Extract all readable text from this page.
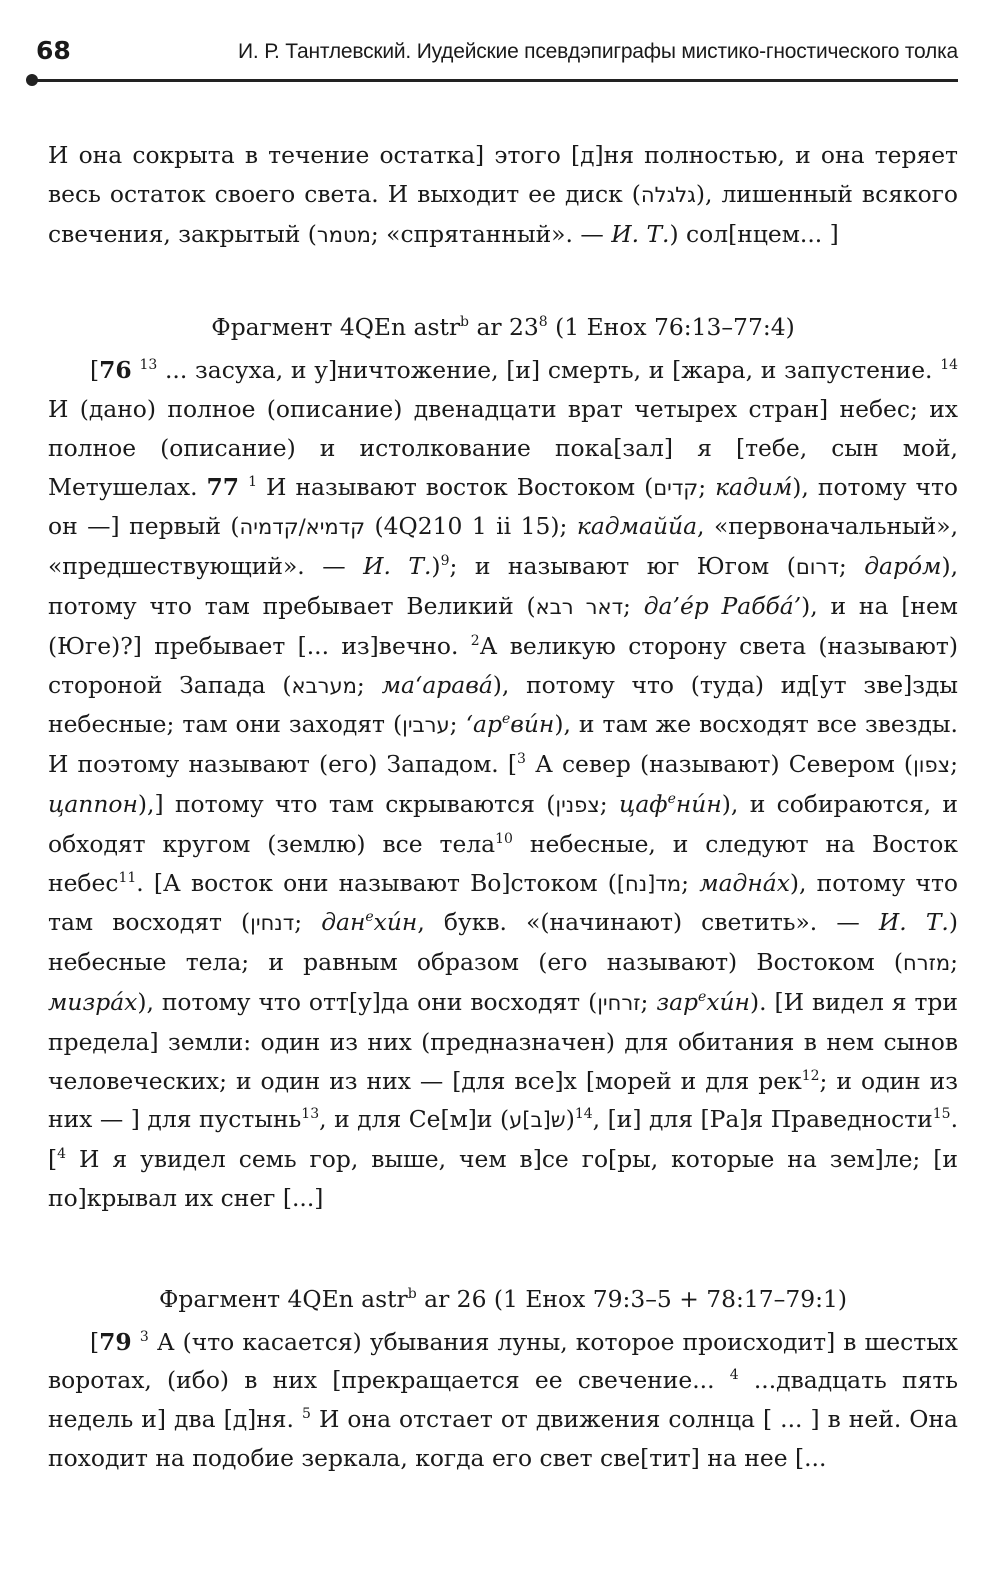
68	И. Р. Тантлевский. Иудейские псевдэпиграфы мистико-гностического толка

И она сокрыта в течение остатка] этого [д]ня полностью, и она теряет весь остаток своего света. И выходит ее диск (גלגלה), лишенный всякого свечения, закрытый (מטמר; «спрятанный». — И. Т.) сол[нцем... ]

Фрагмент 4QEn astr$^b$ ar $23^8$ (1 Енох 76:13–77:4)

[76 $^{13}$ ... засуха, и у]ничтожение, [и] смерть, и [жара, и запустение. $^{14}$ И (дано) полное (описание) двенадцати врат четырех стран] небес; их полное (описание) и истолкование пока[зал] я [тебе, сын мой, Метушелах. 77 $^1$ И называют восток Востоком (קדים; кадим́), потому что он —] первый (קדמיא/קדמיה (4Q210 1 ii 15); кадмайй́а, «первоначальный», «предшествующий». — И. Т.)$^9$; и называют юг Югом (דרום; даро́м), потому что там пребывает Великий (דאר רבא; да’е́р Рабба́’), и на [нем (Юге)?] пребывает [... из]вечно. $^2$А великую сторону света (называют) стороной Запада (מערבא; ма‘арава́), потому что (туда) ид[ут зве]зды небесные; там они заходят (ערבין; ‘$ар^еви́н$), и там же восходят все звезды. И поэтому называют (его) Западом. [$^3$ А север (называют) Севером (צפון; цаппон),] потому что там скрываются (צפנין; цаф$^е$ни́н), и собираются, и обходят кругом (землю) все тела$^{10}$ небесные, и следуют на Восток небес$^{11}$. [А восток они называют Во]стоком (מד[נח]; мадна́х), потому что там восходят (דנחין; дан$^е$хи́н, букв. «(начинают) светить». — И. Т.) небесные тела; и равным образом (его называют) Востоком (מזרח; мизра́х), потому что отт[у]да они восходят (זרחין; зар$^е$хи́н). [И видел я три предела] земли: один из них (предназначен) для обитания в нем сынов человеческих; и один из них — [для все]х [морей и для рек$^{12}$; и один из них — ] для пустынь$^{13}$, и для Се[м]и (ש[ב]ע)$^{14}$, [и] для [Ра]я Праведности$^{15}$. [$^4$ И я увидел семь гор, выше, чем в]се го[ры, которые на зем]ле; [и по]крывал их снег [...]

Фрагмент 4QEn astr$^b$ ar 26 (1 Енох 79:3–5 + 78:17–79:1)

[79 $^3$ А (что касается) убывания луны, которое происходит] в шестых воротах, (ибо) в них [прекращается ее свечение... $^4$ ...двадцать пять недель и] два [д]ня. $^5$ И она отстает от движения солнца [ ... ] в ней. Она походит на подобие зеркала, когда его свет све[тит] на нее [...
